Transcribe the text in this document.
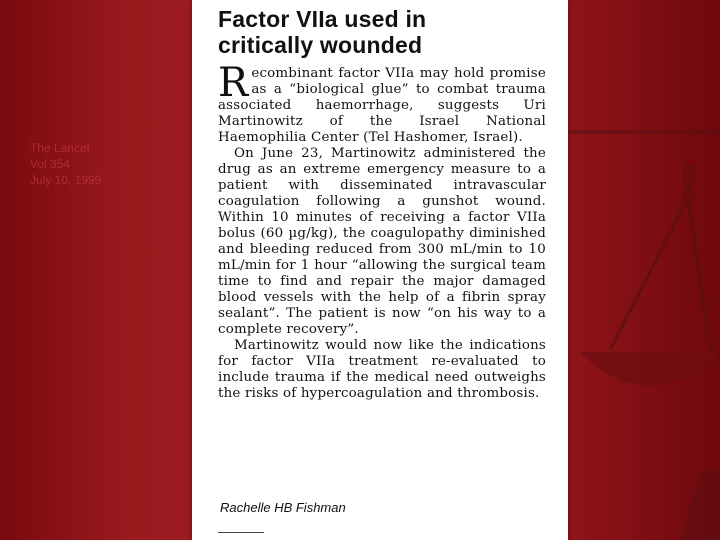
The Lancet
Vol 354
July 10, 1999
Factor VIIa used in
critically wounded

Recombinant factor VIIa may hold promise as a “biological glue” to combat trauma associated haemorrhage, suggests Uri Martinowitz of the Israel National Haemophilia Center (Tel Hashomer, Israel).

On June 23, Martinowitz administered the drug as an extreme emergency measure to a patient with disseminated intravascular coagulation following a gunshot wound. Within 10 minutes of receiving a factor VIIa bolus (60 µg/kg), the coagulopathy diminished and bleeding reduced from 300 mL/min to 10 mL/min for 1 hour “allowing the surgical team time to find and repair the major damaged blood vessels with the help of a fibrin spray sealant”. The patient is now “on his way to a complete recovery”.

Martinowitz would now like the indications for factor VIIa treatment re-evaluated to include trauma if the medical need outweighs the risks of hypercoagulation and thrombosis.

Rachelle HB Fishman
